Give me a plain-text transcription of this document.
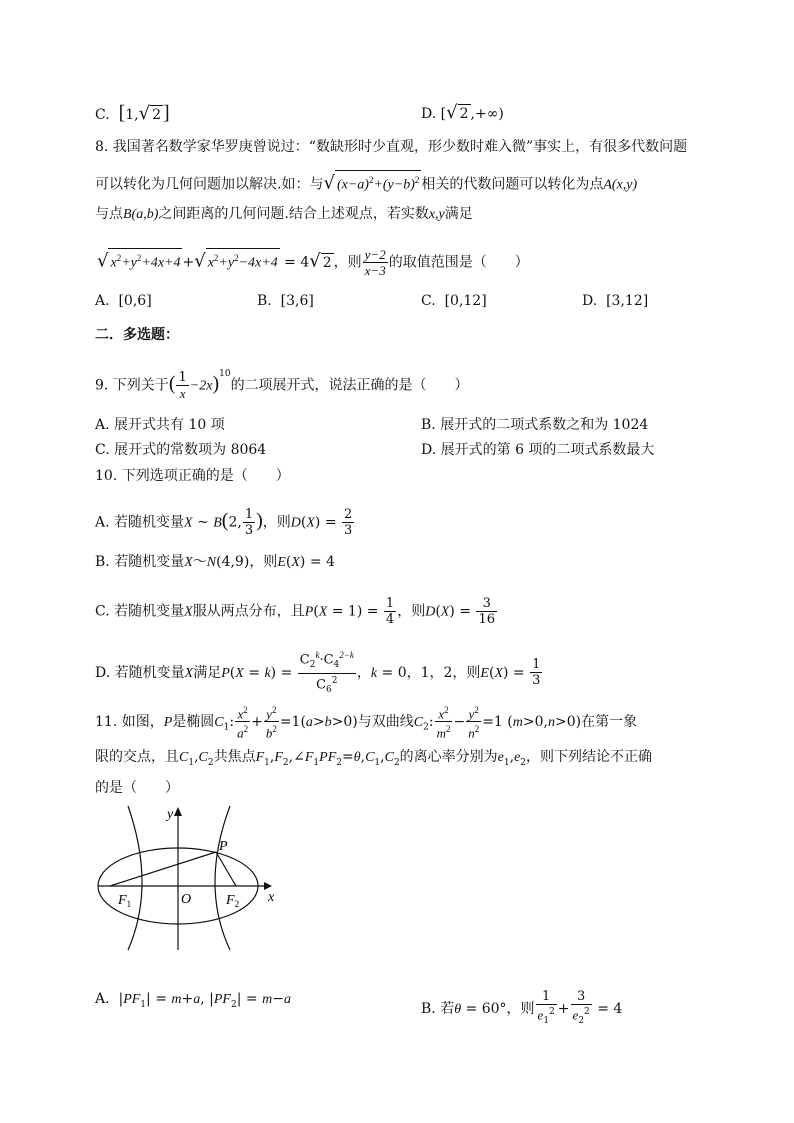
C. [1,√ 2 ]	D. [√ 2 ,+∞)
8. 我国著名数学家华罗庚曾说过：“数缺形时少直观，形少数时难入微”事实上，有很多代数问题
可以转化为几何问题加以解决.如：与√ $(x-a)^2+(y-b)^2$ 相关的代数问题可以转化为点A(x,y)
与点B(a,b)之间距离的几何问题.结合上述观点，若实数x,y满足
√ $x^2+y^2+4x+4$ +√ $x^2+y^2-4x+4 = 4√$ 2 ，则 $\frac{y-2}{x-3}$ 的取值范围是（　　）
A. [0,6]	B. [3,6]	C. [0,12]	D. [3,12]
二．多选题：
9. 下列关于( $\frac{1}{x} -2x)^{10}$的二项展开式，说法正确的是（　　）
A. 展开式共有 10 项	B. 展开式的二项式系数之和为 1024
C. 展开式的常数项为 8064	D. 展开式的第 6 项的二项式系数最大
10. 下列选项正确的是（　　）
A. 若随机变量X ~ B(2, $\frac{1}{3}$ )，则$D(X) = \frac{2}{3}$
B. 若随机变量X～N(4,9)，则E(X) = 4
C. 若随机变量X服从两点分布，且$P(X = 1) = \frac{1}{4}$ ，则$D(X) = \frac{3}{16}$
D. 若随机变量X满足$P(X = k) = \frac{C_2^k\cdot C_4^{2-k}}{C_6^2}$ ，k = 0，1，2，则$E(X) = \frac{1}{3}$
11. 如图，P是椭圆$C_1$: $\frac{x^2}{a^2} + \frac{y^2}{b^2} =1(a>b>0)$与双曲线$C_2$: $\frac{x^2}{m^2} - \frac{y^2}{n^2} =1$ (m>0,n>0)在第一象
限的交点，且$C_1,C_2$共焦点$F_1,F_2,\angle F_1PF_2=\theta,C_1,C_2$的离心率分别为$e_1,e_2$，则下列结论不正确
的是（　　）
y
x
P
O
$F_1$	$F_2$
A.  $|PF_1| = m+a$, $|PF_2| = m-a$
B. 若θ = 60°，则 $\frac{1}{e_1^2} + \frac{3}{e_2^2} = 4$
